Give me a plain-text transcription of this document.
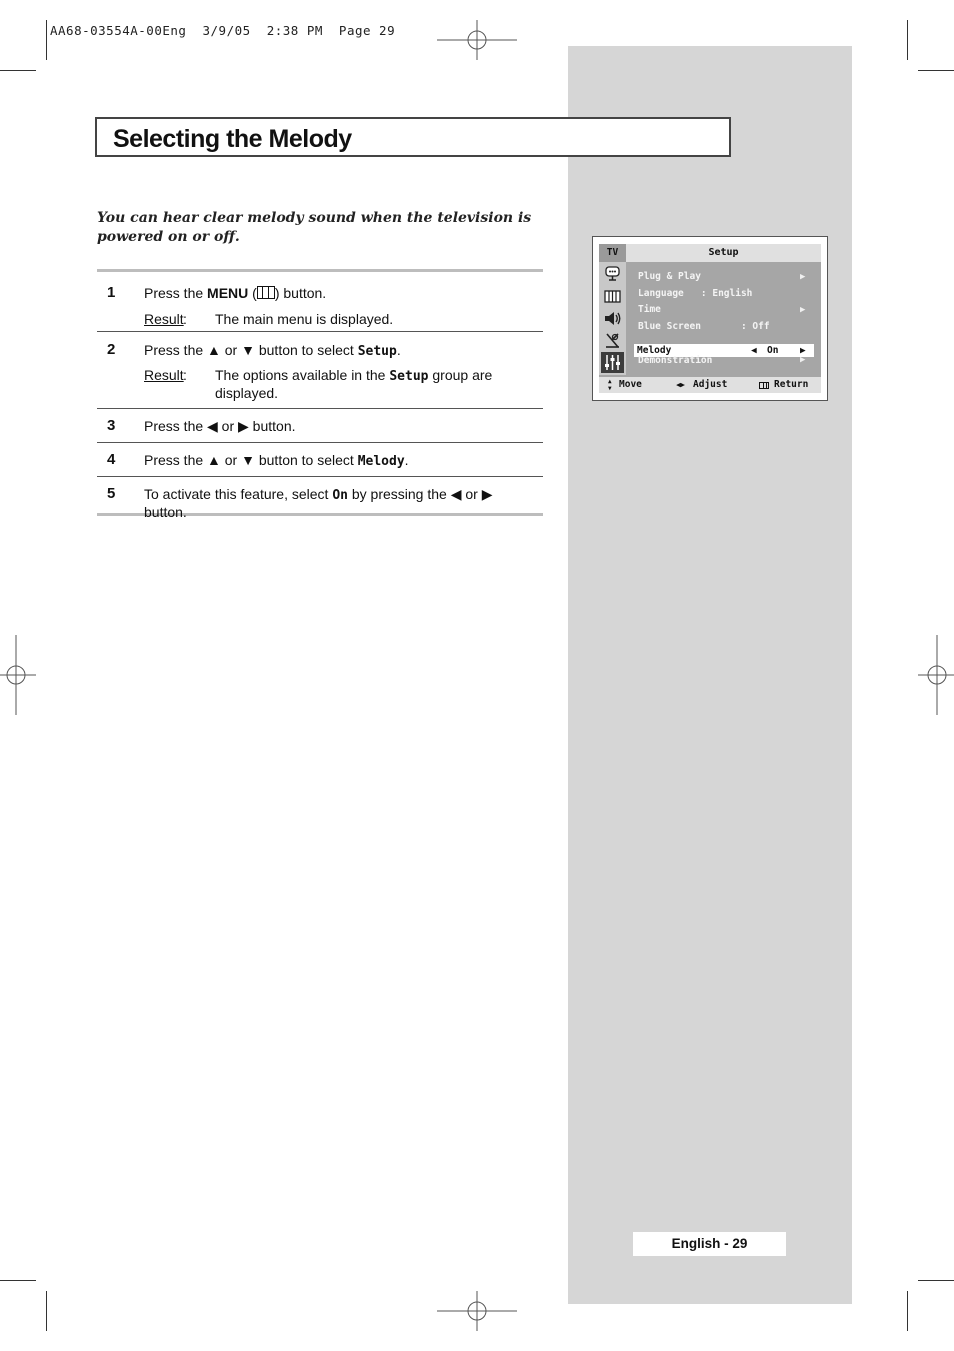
AA68-03554A-00Eng  3/9/05  2:38 PM  Page 29
Selecting the Melody
You can hear clear melody sound when the television is powered on or off.
1 Press the MENU ( ) button.
Result : The main menu is displayed.
2 Press the ▲ or ▼ button to select Setup.
Result : The options available in the Setup group are displayed.
3 Press the ◀ or ▶ button.
4 Press the ▲ or ▼ button to select Melody.
5 To activate this feature, select On by pressing the ◀ or ▶ button.
TV	Setup
Plug & Play	▶
Language   : English
Time	▶
Blue Screen       : Off
Melody	◀ On ▶
Demonstration	▶
▲▼ Move	◀▶ Adjust	Return
English - 29
